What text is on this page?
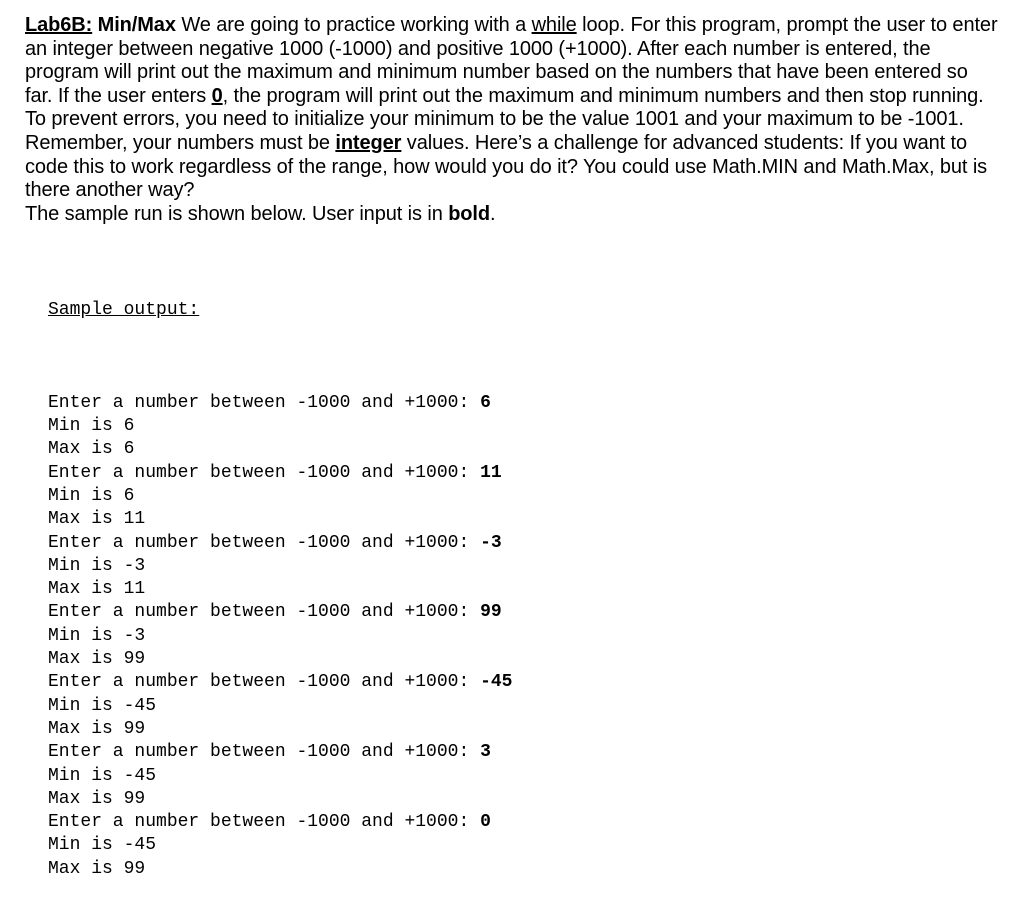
Lab6B: Min/Max We are going to practice working with a while loop. For this program, prompt the user to enter an integer between negative 1000 (-1000) and positive 1000 (+1000). After each number is entered, the program will print out the maximum and minimum number based on the numbers that have been entered so far. If the user enters 0, the program will print out the maximum and minimum numbers and then stop running. To prevent errors, you need to initialize your minimum to be the value 1001 and your maximum to be -1001. Remember, your numbers must be integer values. Here’s a challenge for advanced students: If you want to code this to work regardless of the range, how would you do it? You could use Math.MIN and Math.Max, but is there another way?
The sample run is shown below. User input is in bold.

Sample output:

Enter a number between -1000 and +1000: 6
Min is 6
Max is 6
Enter a number between -1000 and +1000: 11
Min is 6
Max is 11
Enter a number between -1000 and +1000: -3
Min is -3
Max is 11
Enter a number between -1000 and +1000: 99
Min is -3
Max is 99
Enter a number between -1000 and +1000: -45
Min is -45
Max is 99
Enter a number between -1000 and +1000: 3
Min is -45
Max is 99
Enter a number between -1000 and +1000: 0
Min is -45
Max is 99
